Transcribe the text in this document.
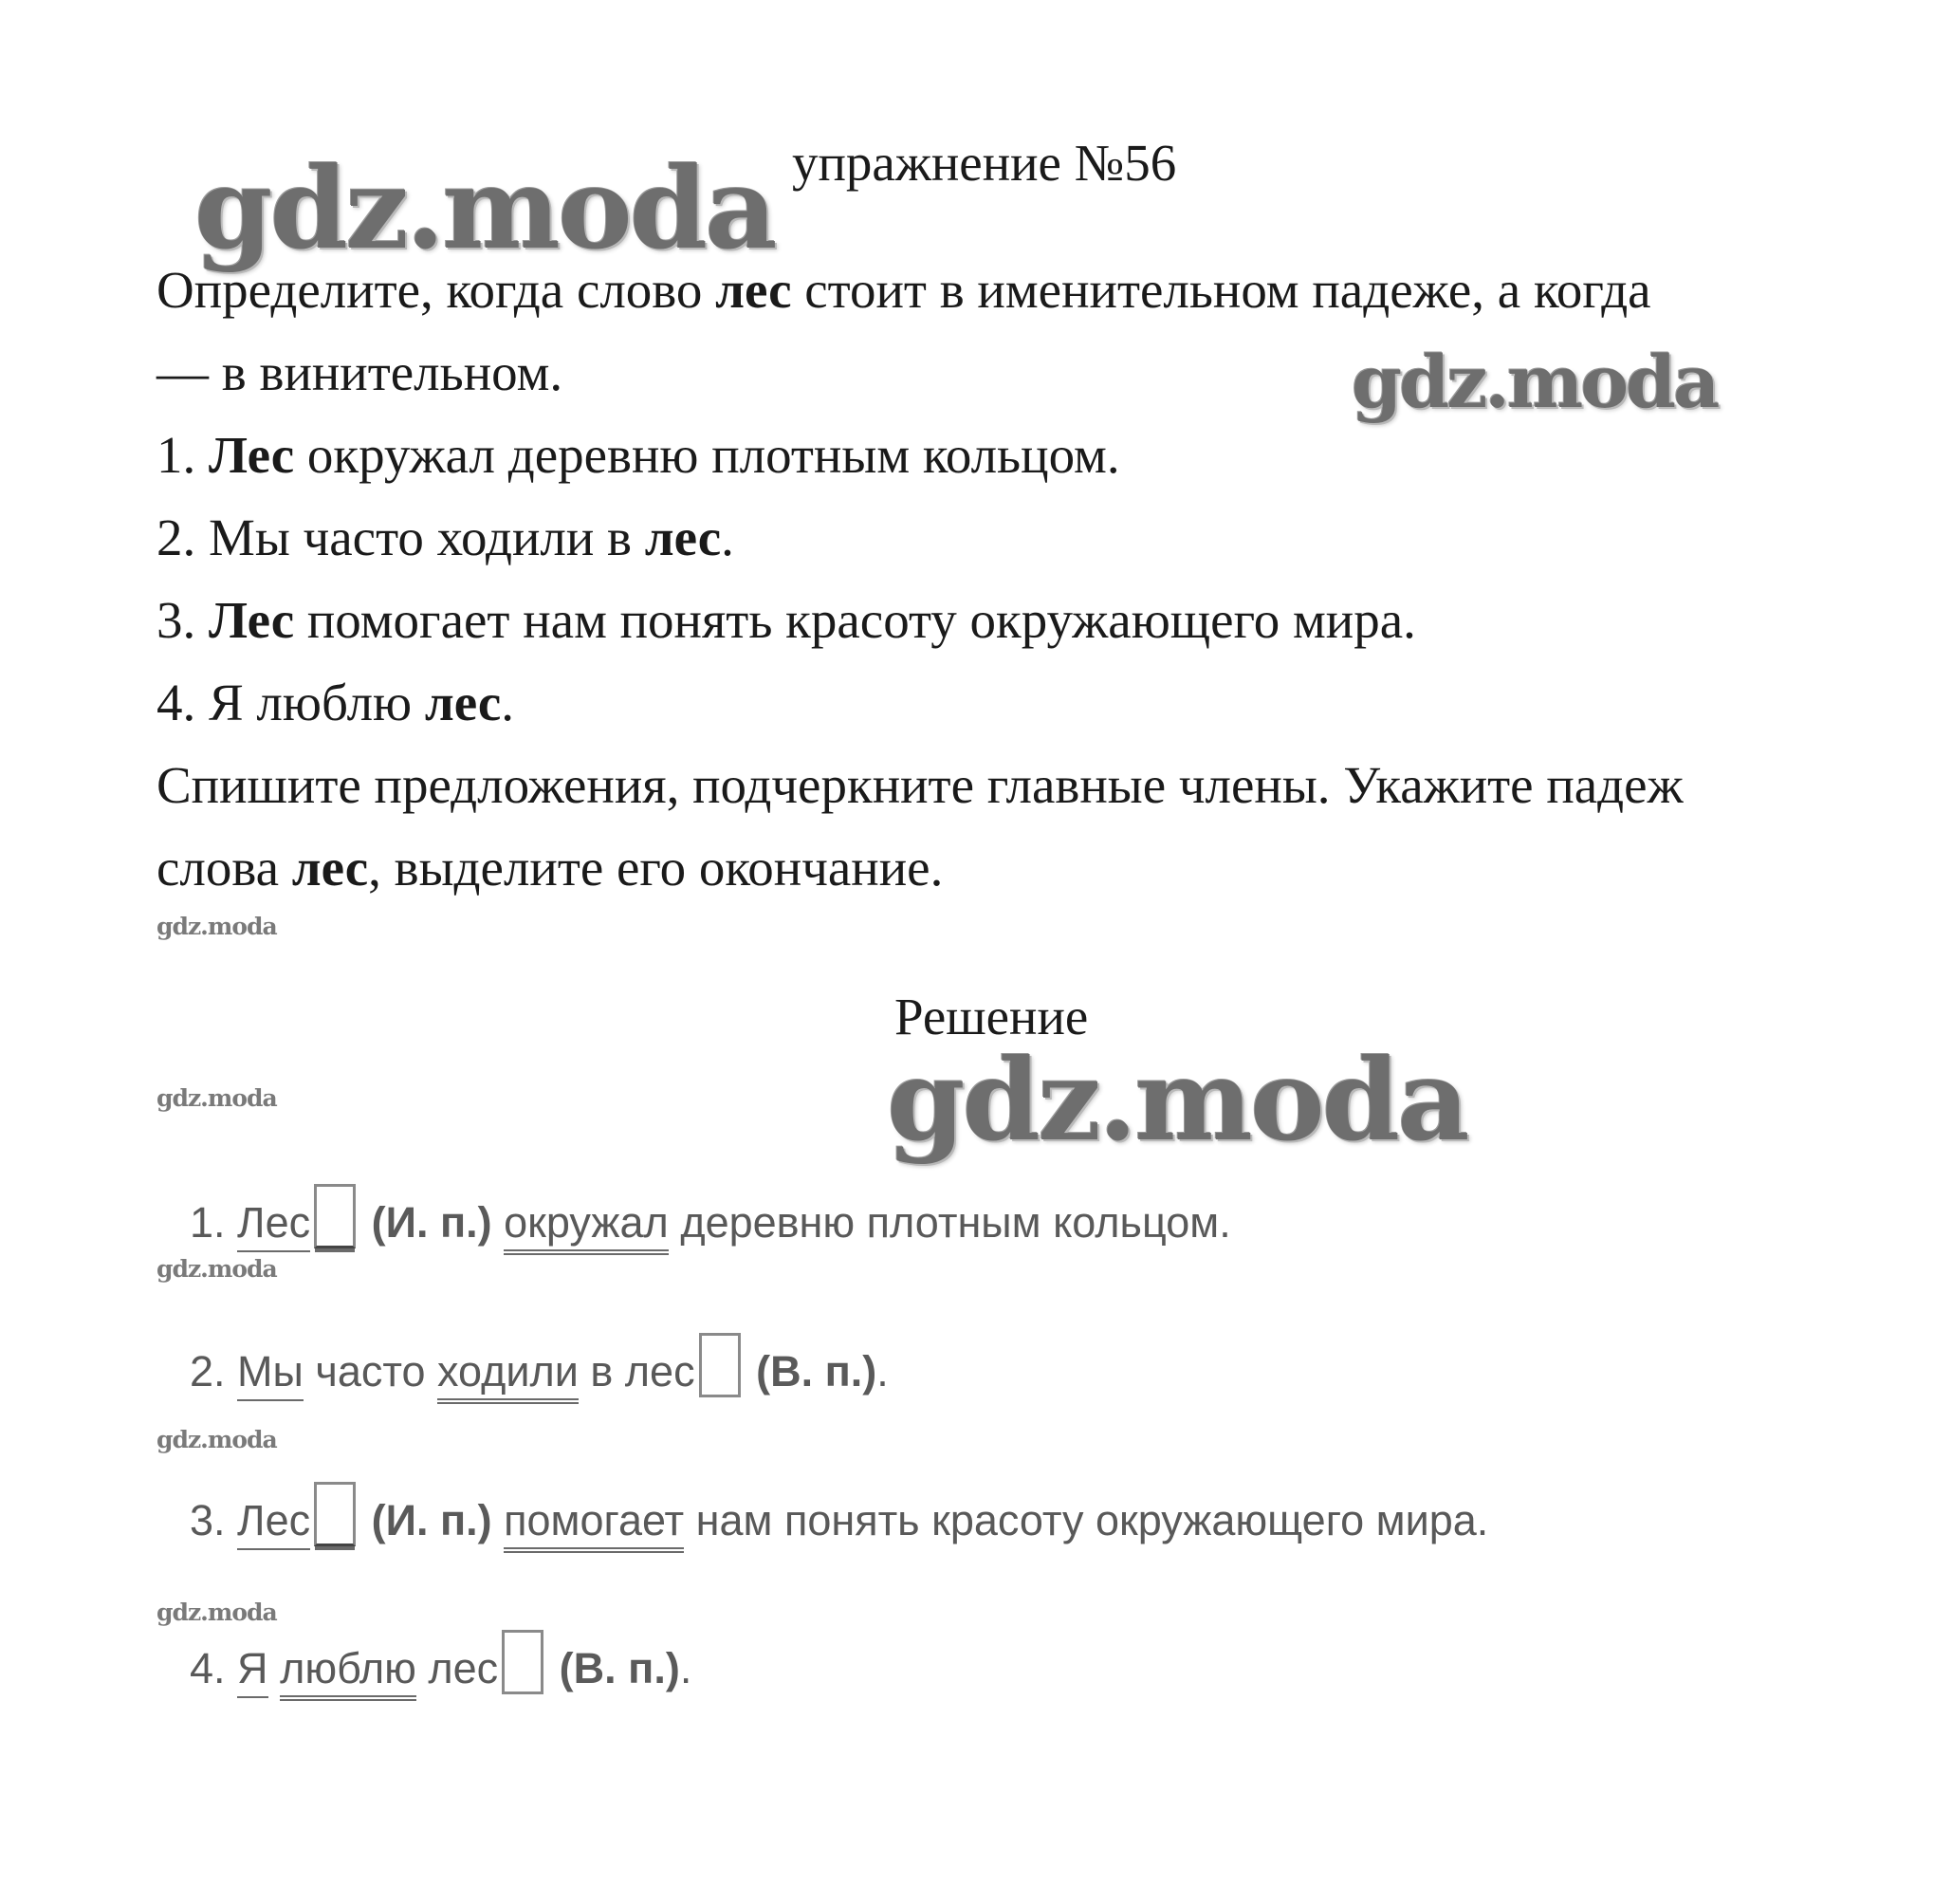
упражнение №56
gdz.moda
gdz.moda
gdz.moda
gdz.moda
gdz.moda
gdz.moda
gdz.moda
gdz.moda
Определите, когда слово лес стоит в именительном падеже, а когда
— в винительном.
1. Лес окружал деревню плотным кольцом.
2. Мы часто ходили в лес.
3. Лес помогает нам понять красоту окружающего мира.
4. Я люблю лес.
Спишите предложения, подчеркните главные члены. Укажите падеж
слова лес, выделите его окончание.
Решение
1. Лес (И. п.) окружал деревню плотным кольцом.
2. Мы часто ходили в лес (В. п.).
3. Лес (И. п.) помогает нам понять красоту окружающего мира.
4. Я люблю лес (В. п.).
